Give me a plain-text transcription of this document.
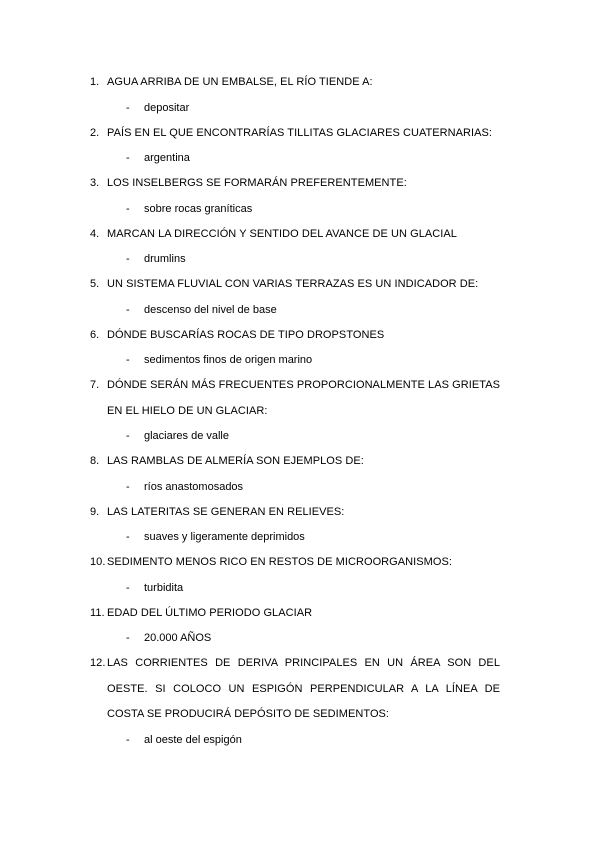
1. AGUA ARRIBA DE UN EMBALSE, EL RÍO TIENDE A:
-	depositar
2. PAÍS EN EL QUE ENCONTRARÍAS TILLITAS GLACIARES CUATERNARIAS:
-	argentina
3. LOS INSELBERGS SE FORMARÁN PREFERENTEMENTE:
-	sobre rocas graníticas
4. MARCAN LA DIRECCIÓN Y SENTIDO DEL AVANCE DE UN GLACIAL
-	drumlins
5. UN SISTEMA FLUVIAL CON VARIAS TERRAZAS ES UN INDICADOR DE:
-	descenso del nivel de base
6. DÓNDE BUSCARÍAS ROCAS DE TIPO DROPSTONES
-	sedimentos finos de origen marino
7. DÓNDE SERÁN MÁS FRECUENTES PROPORCIONALMENTE LAS GRIETAS EN EL HIELO DE UN GLACIAR:
-	glaciares de valle
8. LAS RAMBLAS DE ALMERÍA SON EJEMPLOS DE:
-	ríos anastomosados
9. LAS LATERITAS SE GENERAN EN RELIEVES:
-	suaves y ligeramente deprimidos
10. SEDIMENTO MENOS RICO EN RESTOS DE MICROORGANISMOS:
-	turbidita
11. EDAD DEL ÚLTIMO PERIODO GLACIAR
-	20.000 AÑOS
12. LAS CORRIENTES DE DERIVA PRINCIPALES EN UN ÁREA SON DEL OESTE. SI COLOCO UN ESPIGÓN PERPENDICULAR A LA LÍNEA DE COSTA SE PRODUCIRÁ DEPÓSITO DE SEDIMENTOS:
-	al oeste del espigón
